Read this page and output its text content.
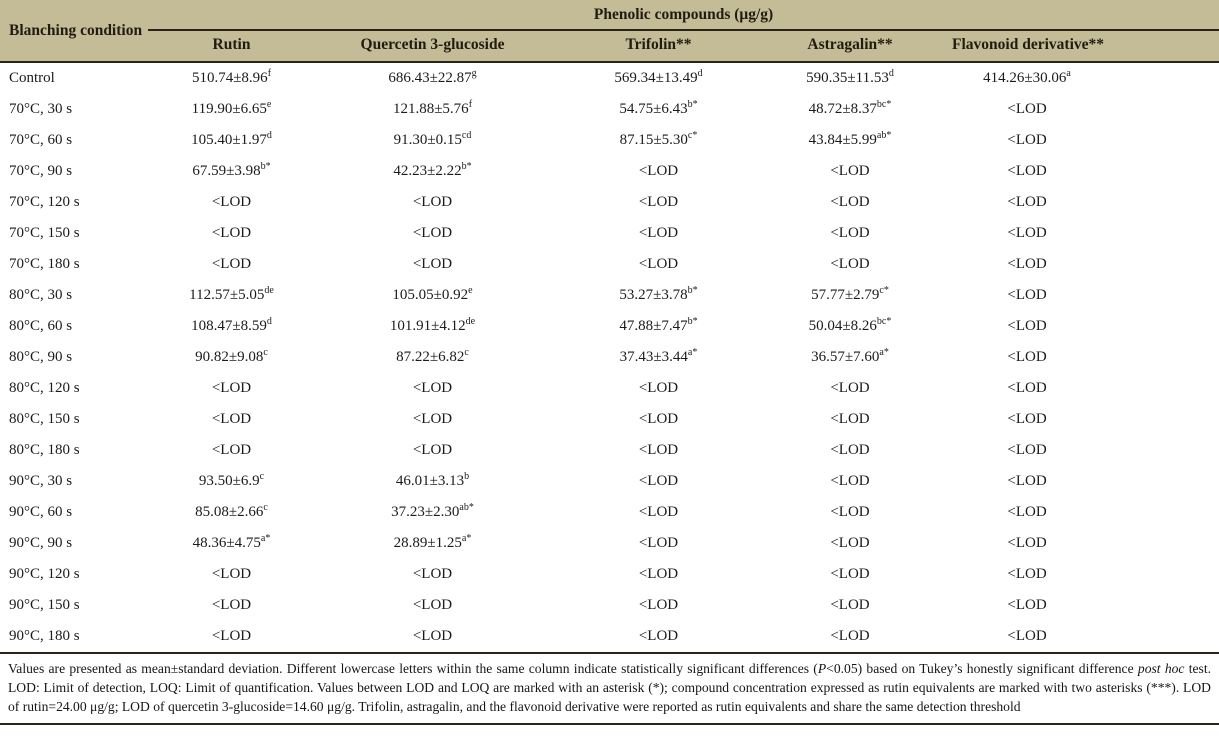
Blanching condition	Phenolic compounds (μg/g)				
	Rutin	Quercetin 3-glucoside	Trifolin**	Astragalin**	Flavonoid derivative**
Control	510.74±8.96$^f$	686.43±22.87$^g$	569.34±13.49$^d$	590.35±11.53$^d$	414.26±30.06$^a$
70°C, 30 s	119.90±6.65$^e$	121.88±5.76$^f$	$54.75\pm 6.43^{b*}$	$48.72\pm 8.37^{bc*}$	<LOD
70°C, 60 s	105.40±1.97$^d$	91.30±0.15$^{cd}$	$87.15\pm 5.30^{c*}$	$43.84\pm 5.99^{ab*}$	<LOD
70°C, 90 s	$67.59\pm 3.98^{b*}$	$42.23\pm 2.22^{b*}$	<LOD	<LOD	<LOD
70°C, 120 s	<LOD	<LOD	<LOD	<LOD	<LOD
70°C, 150 s	<LOD	<LOD	<LOD	<LOD	<LOD
70°C, 180 s	<LOD	<LOD	<LOD	<LOD	<LOD
80°C, 30 s	112.57±5.05de	105.05±0.92$^e$	$53.27\pm 3.78^{b*}$	$57.77\pm 2.79^{c*}$	<LOD
80°C, 60 s	108.47±8.59$^d$	101.91±4.12de	$47.88\pm 7.47^{b*}$	$50.04\pm 8.26^{bc*}$	<LOD
80°C, 90 s	90.82±9.08$^c$	87.22±6.82$^c$	$37.43\pm 3.44^{a*}$	$36.57\pm 7.60^{a*}$	<LOD
80°C, 120 s	<LOD	<LOD	<LOD	<LOD	<LOD
80°C, 150 s	<LOD	<LOD	<LOD	<LOD	<LOD
80°C, 180 s	<LOD	<LOD	<LOD	<LOD	<LOD
90°C, 30 s	93.50±6.9$^c$	46.01±3.13$^b$	<LOD	<LOD	<LOD
90°C, 60 s	85.08±2.66$^c$	$37.23\pm 2.30^{ab*}$	<LOD	<LOD	<LOD
90°C, 90 s	$48.36\pm 4.75^{a*}$	$28.89\pm 1.25^{a*}$	<LOD	<LOD	<LOD
90°C, 120 s	<LOD	<LOD	<LOD	<LOD	<LOD
90°C, 150 s	<LOD	<LOD	<LOD	<LOD	<LOD
90°C, 180 s	<LOD	<LOD	<LOD	<LOD	<LOD
Values are presented as mean±standard deviation. Different lowercase letters within the same column indicate statistically significant differences (P<0.05) based on Tukey’s honestly significant difference post hoc test. LOD: Limit of detection, LOQ: Limit of quantification. Values between LOD and LOQ are marked with an asterisk (*); compound concentration expressed as rutin equivalents are marked with two asterisks (***). LOD of rutin=24.00 μg/g; LOD of quercetin 3-glucoside=14.60 μg/g. Trifolin, astragalin, and the flavonoid derivative were reported as rutin equivalents and share the same detection threshold
